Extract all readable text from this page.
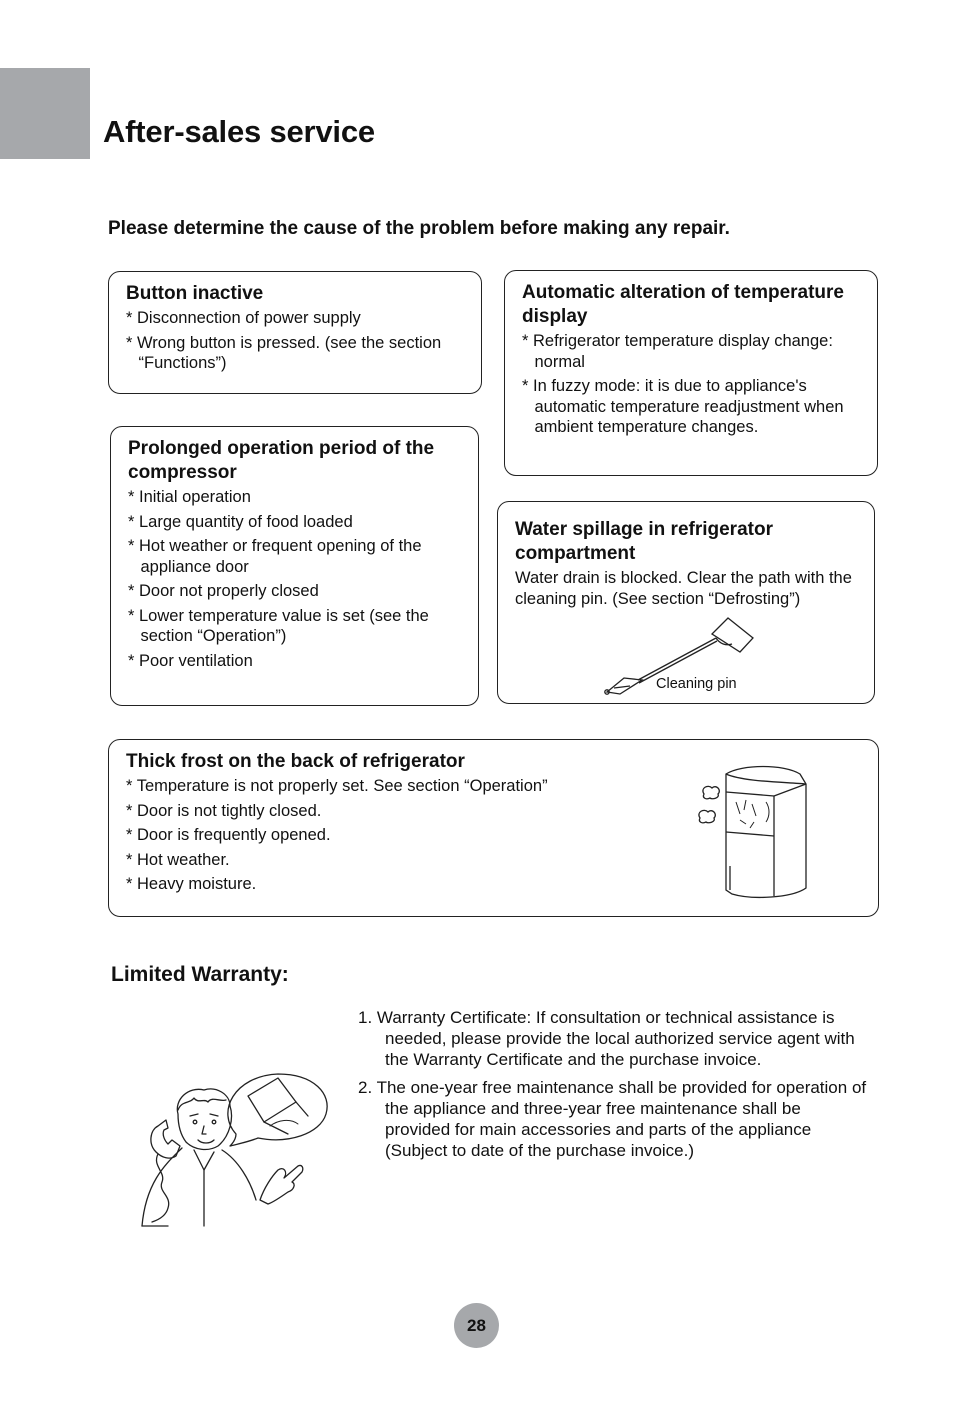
After-sales service
Please determine the cause of the problem before making any repair.
Button inactive
* Disconnection of power supply
* Wrong button is pressed. (see the section “Functions”)
Automatic alteration of temperature display
* Refrigerator temperature display change: normal
* In fuzzy mode: it is due to appliance's automatic temperature readjustment when ambient temperature changes.
Prolonged operation period of the compressor
* Initial operation
* Large quantity of food loaded
* Hot weather or frequent opening of the appliance door
* Door not properly closed
* Lower temperature value is set (see the section “Operation”)
* Poor ventilation
Water spillage in refrigerator compartment

Water drain is blocked. Clear the path with the cleaning pin. (See section “Defrosting”)

Cleaning pin
Thick frost on the back of refrigerator
* Temperature is not properly set. See section “Operation”
* Door is not tightly closed.
* Door is frequently opened.
* Hot weather.
* Heavy moisture.
Limited Warranty:
1. Warranty Certificate: If consultation or technical assistance is needed, please provide the local authorized service agent with the Warranty Certificate and the purchase invoice.
2. The one-year free maintenance shall be provided for operation of the appliance and three-year free maintenance shall be provided for main accessories and parts of the appliance (Subject to date of the purchase invoice.)
28
